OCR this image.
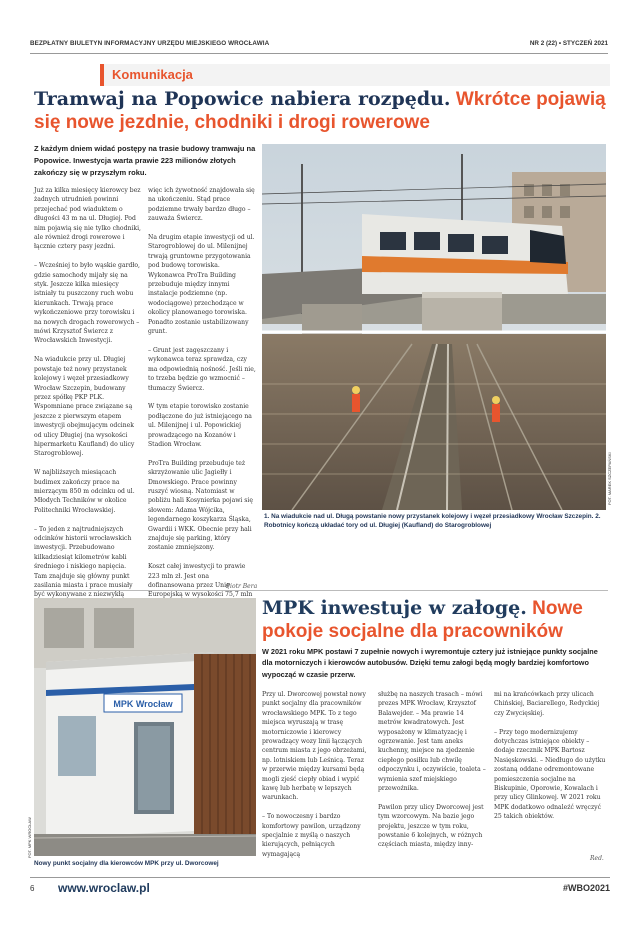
BEZPŁATNY BIULETYN INFORMACYJNY URZĘDU MIEJSKIEGO WROCŁAWIA	NR 2 (22) • STYCZEŃ 2021
Komunikacja
Tramwaj na Popowice nabiera rozpędu. Wkrótce pojawią się nowe jezdnie, chodniki i drogi rowerowe

Z każdym dniem widać postępy na trasie budowy tramwaju na Popowice. Inwestycja warta prawie 223 milionów złotych zakończy się w przyszłym roku.

Już za kilka miesięcy kierowcy bez żadnych utrudnień powinni przejechać pod wiaduktem o długości 43 m na ul. Długiej. Pod nim pojawią się nie tylko chodniki, ale również drogi rowerowe i łącznie cztery pasy jezdni.

– Wcześniej to było wąskie gardło, gdzie samochody mijały się na styk. Jeszcze kilka miesięcy istniały tu puszczony ruch wobu kierunkach. Trwają prace wykończeniowe przy torowisku i na nowych drogach rowerowych – mówi Krzysztof Świercz z Wrocławskich Inwestycji.

Na wiadukcie przy ul. Długiej powstaje też nowy przystanek kolejowy i węzeł przesiadkowy Wrocław Szczepin, budowany przez spółkę PKP PLK. Wspomniane prace związane są jeszcze z pierwszym etapem inwestycji obejmującym odcinek od ulicy Długiej (na wysokości hipermarketu Kaufland) do ulicy Starogroblowej.

W najbliższych miesiącach budimex zakończy prace na mierzącym 850 m odcinku od ul. Młodych Techników w okolice Politechniki Wrocławskiej.

– To jeden z najtrudniejszych odcinków historii wrocławskich inwestycji. Przebudowano kilkadziesiąt kilometrów kabli średniego i niskiego napięcia. Tam znajduje się główny punkt zasilania miasta i prace musiały być wykonywane z niezwykłą

więc ich żywotność znajdowała się na ukończeniu. Stąd prace podziemne trwały bardzo długo – zauważa Świercz.

Na drugim etapie inwestycji od ul. Starogroblowej do ul. Milenijnej trwają gruntowne przygotowania pod budowę torowiska. Wykonawca ProTra Building przebuduje między innymi instalacje podziemne (np. wodociągowe) przechodzące w okolicy planowanego torowiska. Ponadto zostanie ustabilizowany grunt.

– Grunt jest zagęszczany i wykonawca teraz sprawdza, czy ma odpowiednią nośność. Jeśli nie, to trzeba będzie go wzmocnić – tłumaczy Świercz.

W tym etapie torowisko zostanie podłączone do już istniejącego na ul. Milenijnej i ul. Popowickiej prowadzącego na Kozanów i Stadion Wrocław.

ProTra Building przebuduje też skrzyżowanie ulic Jagiełły i Dmowskiego. Prace powinny ruszyć wiosną. Natomiast w pobliżu hali Kosynierka pojawi się słowem: Adama Wójcika, legendarnego koszykarza Śląska, Gwardii i WKK. Obecnie przy hali znajduje się parking, który zostanie zmniejszony.

Koszt całej inwestycji to prawie 223 mln zł. Jest ona dofinansowana przez Unię Europejską w wysokości 75,7 mln

Piotr Bera
FOT. MAREK SZCZEPAŃSKI

1. Na wiadukcie nad ul. Długą powstanie nowy przystanek kolejowy i węzeł przesiadkowy Wrocław Szczepin. 2. Robotnicy kończą układać tory od ul. Długiej (Kaufland) do Starogroblowej

MPK Wrocław
FOT. MPK WROCŁAW

Nowy punkt socjalny dla kierowców MPK przy ul. Dworcowej

MPK inwestuje w załogę. Nowe pokoje socjalne dla pracowników

W 2021 roku MPK postawi 7 zupełnie nowych i wyremontuje cztery już istniejące punkty socjalne dla motorniczych i kierowców autobusów. Dzięki temu załogi będą mogły bardziej komfortowo wypocząć w czasie przerw.

Przy ul. Dworcowej powstał nowy punkt socjalny dla pracowników wrocławskiego MPK. To z tego miejsca wyruszają w trasę motorniczowie i kierowcy prowadzący wozy linii łączących centrum miasta z jego obrzeżami, np. lotniskiem lub Leśnicą. Teraz w przerwie między kursami będą mogli zjeść ciepły obiad i wypić kawę lub herbatę w lepszych warunkach.

– To nowoczesny i bardzo komfortowy pawilon, urządzony specjalnie z myślą o naszych kierujących, pełniących wymagającą

służbę na naszych trasach – mówi prezes MPK Wrocław, Krzysztof Balawejder. – Ma prawie 14 metrów kwadratowych. Jest wyposażony w klimatyzację i ogrzewanie. Jest tam aneks kuchenny, miejsce na zjedzenie ciepłego posiłku lub chwilę odpoczynku i, oczywiście, toaleta – wymienia szef miejskiego przewoźnika.

Pawilon przy ulicy Dworcowej jest tym wzorcowym. Na bazie jego projektu, jeszcze w tym roku, powstanie 6 kolejnych, w różnych częściach miasta, między inny-

mi na krańcówkach przy ulicach Chińskiej, Baciarellego, Redyckiej czy Zwycięskiej.

– Przy tego modernizujemy dotychczas istniejące obiekty – dodaje rzecznik MPK Bartosz Nasięskowski. – Niedługo do użytku zostaną oddane odremontowane pomieszczenia socjalne na Biskupinie, Oporowie, Kowalach i przy ulicy Glinkowej. W 2021 roku MPK dodatkowo odnaleźć wręczyć 25 takich obiektów.

Red.
6 www.wroclaw.pl	#WBO2021
